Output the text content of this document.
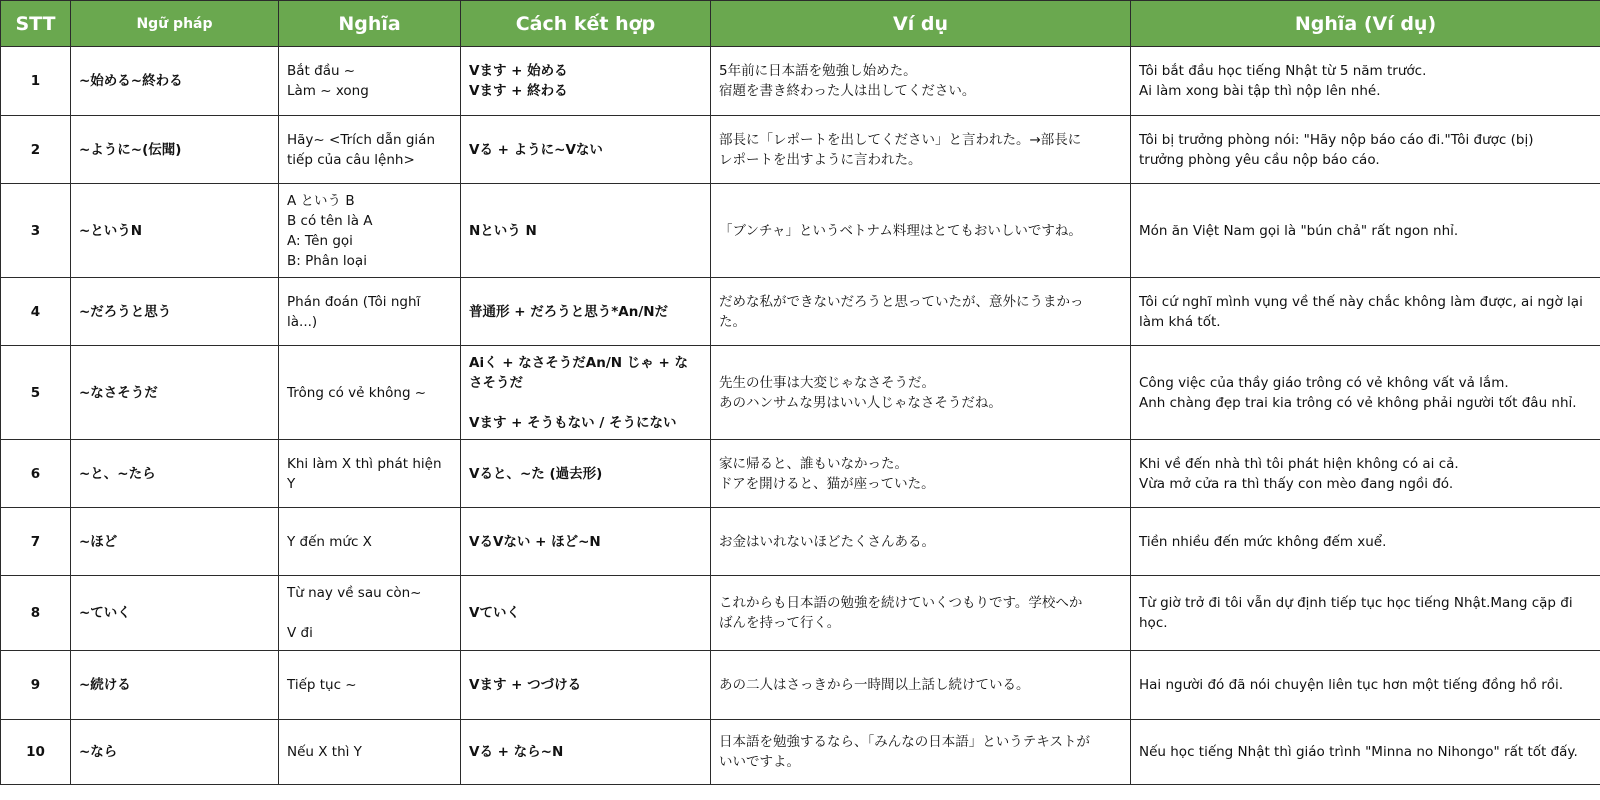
STT	Ngữ pháp	Nghĩa	Cách kết hợp	Ví dụ	Nghĩa (Ví dụ)
1	~始める~終わる	Bắt đầu ~
Làm ~ xong	Vます + 始める
Vます + 終わる	5年前に日本語を勉強し始めた。
宿題を書き終わった人は出してください。	Tôi bắt đầu học tiếng Nhật từ 5 năm trước.
Ai làm xong bài tập thì nộp lên nhé.

2	~ように~(伝聞)	Hãy~ <Trích dẫn gián
tiếp của câu lệnh>	Vる + ように~Vない	部長に「レポートを出してください」と言われた。→部長に
レポートを出すように言われた。	Tôi bị trưởng phòng nói: "Hãy nộp báo cáo đi."Tôi được (bị)
trưởng phòng yêu cầu nộp báo cáo.

3	~というN	A という B
B có tên là A
A: Tên gọi
B: Phân loại	Nという N	「ブンチャ」というベトナム料理はとてもおいしいですね。	Món ăn Việt Nam gọi là "bún chả" rất ngon nhỉ.

4	~だろうと思う	Phán đoán (Tôi nghĩ
là...)	普通形 + だろうと思う*An/Nだ	だめな私ができないだろうと思っていたが、意外にうまかっ
た。	Tôi cứ nghĩ mình vụng về thế này chắc không làm được, ai ngờ lại
làm khá tốt.

5	~なさそうだ	Trông có vẻ không ~	Aiく + なさそうだAn/N じゃ + な
さそうだ
Vます + そうもない / そうにない	先生の仕事は大変じゃなさそうだ。
あのハンサムな男はいい人じゃなさそうだね。	Công việc của thầy giáo trông có vẻ không vất vả lắm.
Anh chàng đẹp trai kia trông có vẻ không phải người tốt đâu nhỉ.

6	~と、~たら	Khi làm X thì phát hiện
Y	Vると、~た (過去形)	家に帰ると、誰もいなかった。
ドアを開けると、猫が座っていた。	Khi về đến nhà thì tôi phát hiện không có ai cả.
Vừa mở cửa ra thì thấy con mèo đang ngồi đó.

7	~ほど	Y đến mức X	VるVない + ほど~N	お金はいれないほどたくさんある。	Tiền nhiều đến mức không đếm xuể.

8	~ていく	Từ nay về sau còn~
V đi	Vていく	これからも日本語の勉強を続けていくつもりです。学校へか
ばんを持って行く。	Từ giờ trở đi tôi vẫn dự định tiếp tục học tiếng Nhật.Mang cặp đi
học.

9	~続ける	Tiếp tục ~	Vます + つづける	あの二人はさっきから一時間以上話し続けている。	Hai người đó đã nói chuyện liên tục hơn một tiếng đồng hồ rồi.

10	~なら	Nếu X thì Y	Vる + なら~N	日本語を勉強するなら、「みんなの日本語」というテキストが
いいですよ。	Nếu học tiếng Nhật thì giáo trình "Minna no Nihongo" rất tốt đấy.
